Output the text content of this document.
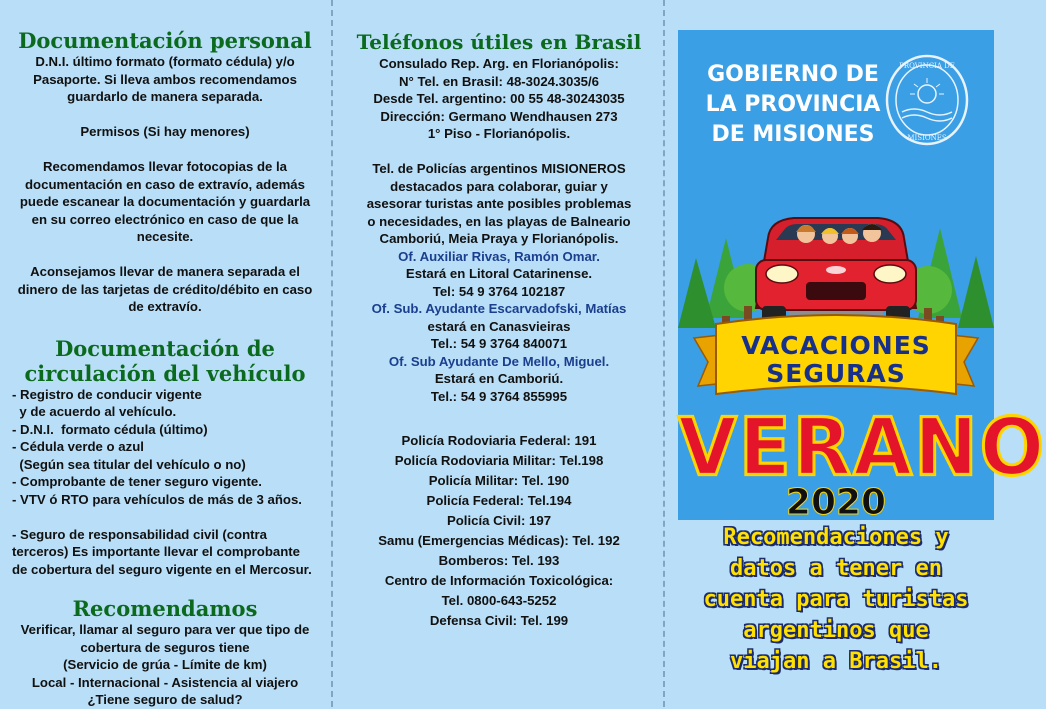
Documentación personal
D.N.I. último formato (formato cédula) y/o
Pasaporte. Si lleva ambos recomendamos
guardarlo de manera separada.
Permisos (Si hay menores)
Recomendamos llevar fotocopias de la
documentación en caso de extravío, además
puede escanear la documentación y guardarla
en su correo electrónico en caso de que la
necesite.
Aconsejamos llevar de manera separada el
dinero de las tarjetas de crédito/débito en caso
de extravío.
Documentación de
circulación del vehículo
- Registro de conducir vigente
y de acuerdo al vehículo.
- D.N.I.  formato cédula (último)
- Cédula verde o azul
(Según sea titular del vehículo o no)
- Comprobante de tener seguro vigente.
- VTV ó RTO para vehículos de más de 3 años.
- Seguro de responsabilidad civil (contra
terceros) Es importante llevar el comprobante
de cobertura del seguro vigente en el Mercosur.
Recomendamos
Verificar, llamar al seguro para ver que tipo de
cobertura de seguros tiene
(Servicio de grúa - Límite de km)
Local - Internacional - Asistencia al viajero
¿Tiene seguro de salud?
Teléfonos útiles en Brasil
Consulado Rep. Arg. en Florianópolis:
N° Tel. en Brasil: 48-3024.3035/6
Desde Tel. argentino: 00 55 48-30243035
Dirección: Germano Wendhausen 273
1° Piso - Florianópolis.
Tel. de Policías argentinos MISIONEROS
destacados para colaborar, guiar y
asesorar turistas ante posibles problemas
o necesidades, en las playas de Balneario
Camboriú, Meia Praya y Florianópolis.
Of. Auxiliar Rivas, Ramón Omar.
Estará en Litoral Catarinense.
Tel: 54 9 3764 102187
Of. Sub. Ayudante Escarvadofski, Matías
estará en Canasvieiras
Tel.: 54 9 3764 840071
Of. Sub Ayudante De Mello, Miguel.
Estará en Camboriú.
Tel.: 54 9 3764 855995
Policía Rodoviaria Federal: 191
Policía Rodoviaria Militar: Tel.198
Policía Militar: Tel. 190
Policía Federal: Tel.194
Policía Civil: 197
Samu (Emergencias Médicas): Tel. 192
Bomberos: Tel. 193
Centro de Información Toxicológica:
Tel. 0800-643-5252
Defensa Civil: Tel. 199
GOBIERNO DE
LA PROVINCIA
DE MISIONES
PROVINCIA DE
MISIONES
VACACIONES
SEGURAS
VERANO
2020
Recomendaciones y
datos a tener en
cuenta para turistas
argentinos que
viajan a Brasil.
